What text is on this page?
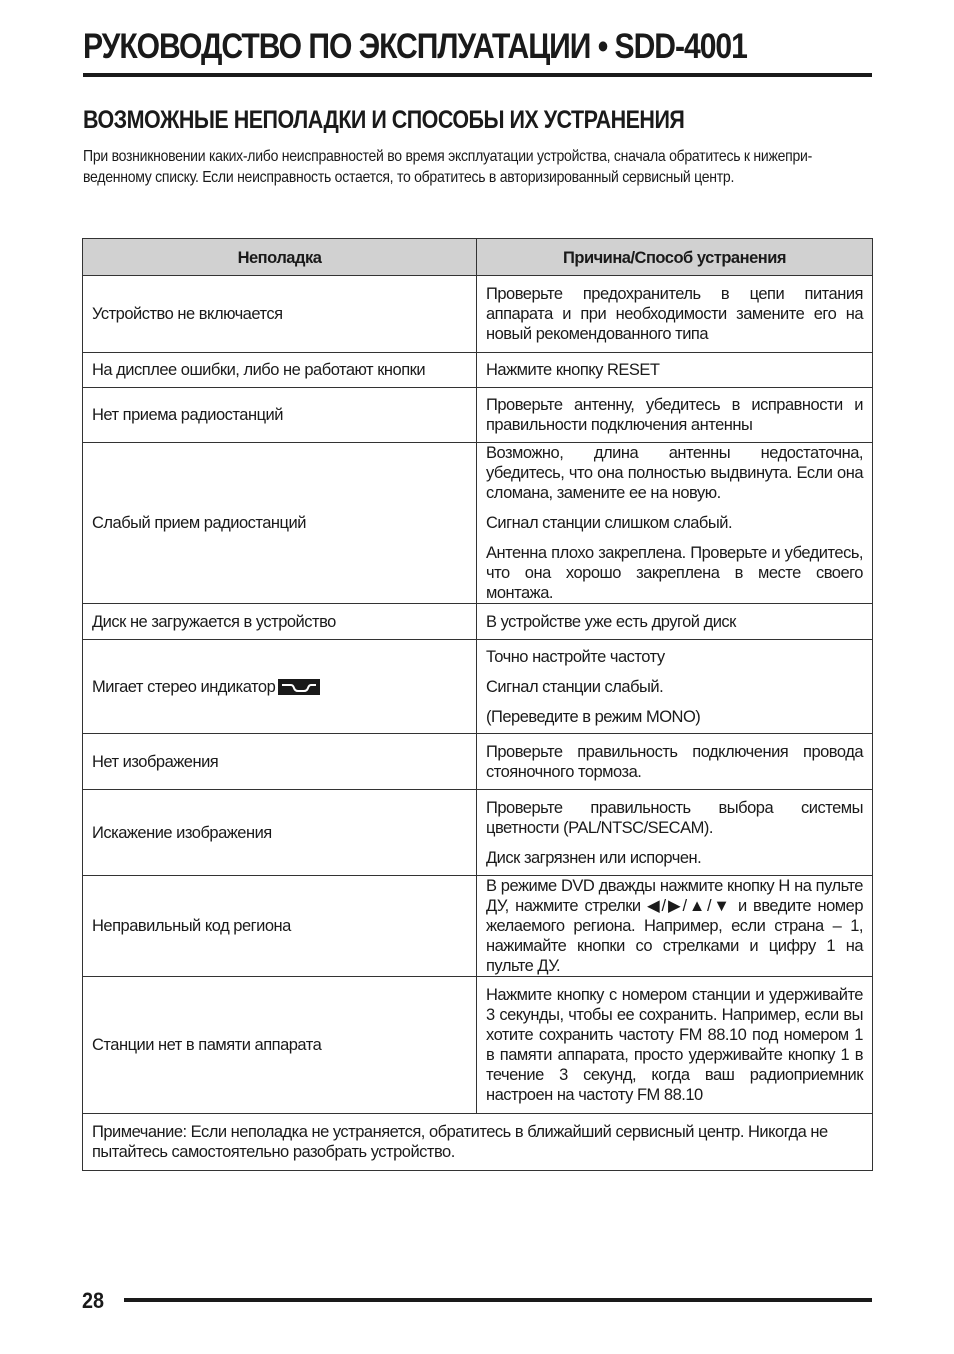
РУКОВОДСТВО ПО ЭКСПЛУАТАЦИИ • SDD-4001
ВОЗМОЖНЫЕ НЕПОЛАДКИ И СПОСОБЫ ИХ УСТРАНЕНИЯ
При возникновении каких-либо неисправностей во время эксплуатации устройства, сначала обратитесь к нижепри-
веденному списку. Если неисправность остается, то обратитесь в авторизированный сервисный центр.
Неполадка	Причина/Способ устранения
Устройство не включается	Проверьте предохранитель в цепи питания аппарата и при необходимости замените его на новый рекомендованного типа

На дисплее ошибки, либо не работают кнопки	Нажмите кнопку RESET

Нет приема радиостанций	Проверьте антенну, убедитесь в исправности и правильности подключения антенны

Слабый прием радиостанций	Возможно, длина антенны недостаточна, убедитесь, что она полностью выдвинута. Если она сломана, замените ее на новую.

Сигнал станции слишком слабый.

Антенна плохо закреплена. Проверьте и убедитесь, что она хорошо закреплена в месте своего монтажа.

Диск не загружается в устройство	В устройстве уже есть другой диск

Мигает стерео индикатор	Точно настройте частоту

Сигнал станции слабый.

(Переведите в режим MONO)

Нет изображения	Проверьте правильность подключения провода стояночного тормоза.

Искажение изображения	Проверьте правильность выбора системы цветности (PAL/NTSC/SECAM).

Диск загрязнен или испорчен.

Неправильный код региона	В режиме DVD дважды нажмите кнопку H на пульте ДУ, нажмите стрелки ◀/▶/▲/▼ и введите номер желаемого региона. Например, если страна – 1, нажимайте кнопки со стрелками и цифру 1 на пульте ДУ.

Станции нет в памяти аппарата	Нажмите кнопку с номером станции и удерживайте 3 секунды, чтобы ее сохранить. Например, если вы хотите сохранить частоту FM 88.10 под номером 1 в памяти аппарата, просто удерживайте кнопку 1 в течение 3 секунд, когда ваш радиоприемник настроен на частоту FM 88.10

Примечание: Если неполадка не устраняется, обратитесь в ближайший сервисный центр. Никогда не пытайтесь самостоятельно разобрать устройство.	
28
